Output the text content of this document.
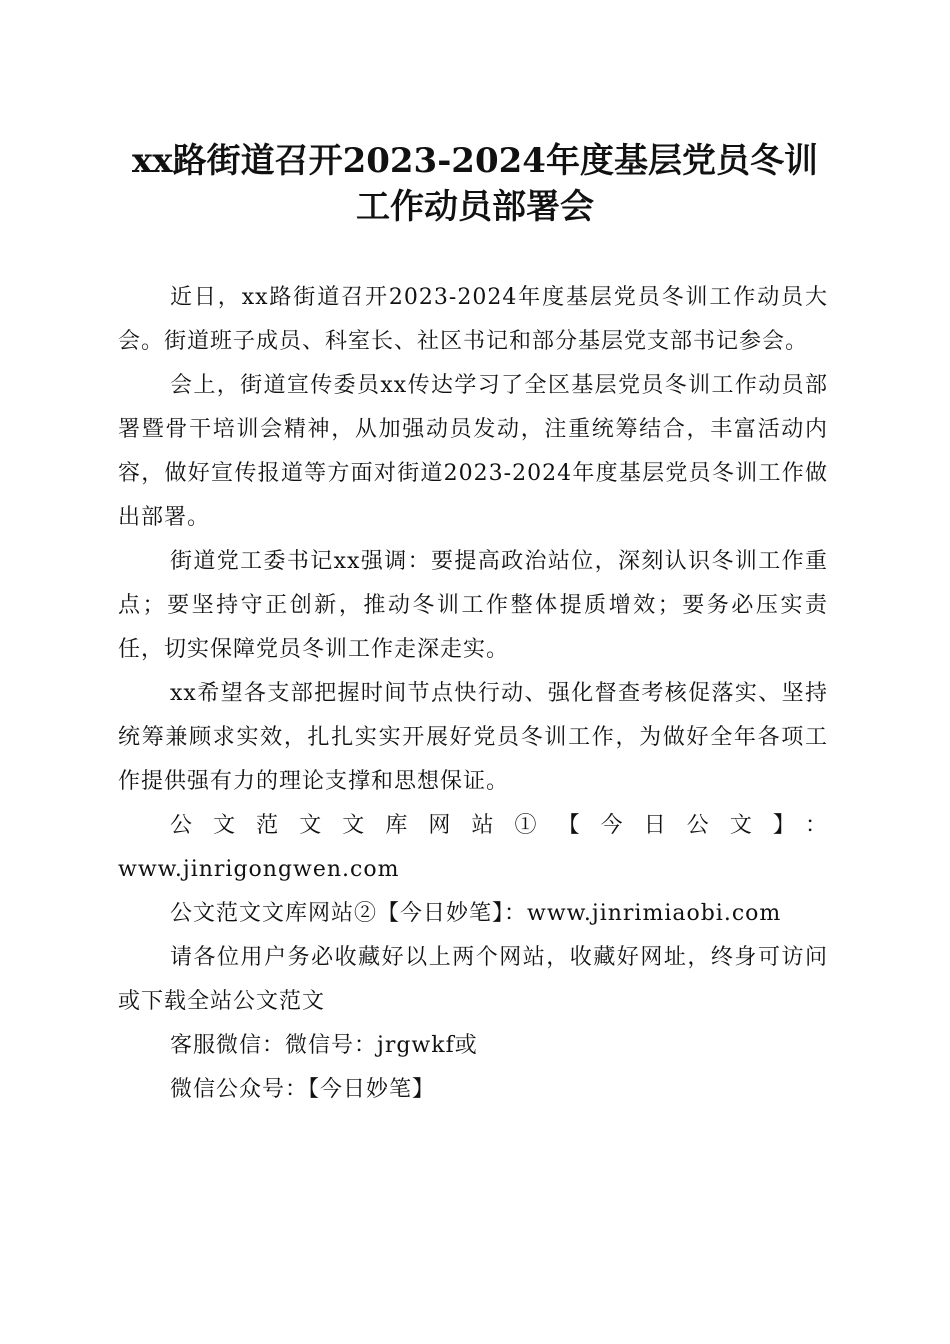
xx路街道召开2023-2024年度基层党员冬训
工作动员部署会

近日，xx路街道召开2023-2024年度基层党员冬训工作动员大会。街道班子成员、科室长、社区书记和部分基层党支部书记参会。

会上，街道宣传委员xx传达学习了全区基层党员冬训工作动员部署暨骨干培训会精神，从加强动员发动，注重统筹结合，丰富活动内容，做好宣传报道等方面对街道2023-2024年度基层党员冬训工作做出部署。

街道党工委书记xx强调：要提高政治站位，深刻认识冬训工作重点；要坚持守正创新，推动冬训工作整体提质增效；要务必压实责任，切实保障党员冬训工作走深走实。

xx希望各支部把握时间节点快行动、强化督查考核促落实、坚持统筹兼顾求实效，扎扎实实开展好党员冬训工作，为做好全年各项工作提供强有力的理论支撑和思想保证。

公文范文文库网站①【今日公文】：

www.jinrigongwen.com

公文范文文库网站②【今日妙笔】：www.jinrimiaobi.com

请各位用户务必收藏好以上两个网站，收藏好网址，终身可访问或下载全站公文范文

客服微信：微信号：jrgwkf或

微信公众号：【今日妙笔】
